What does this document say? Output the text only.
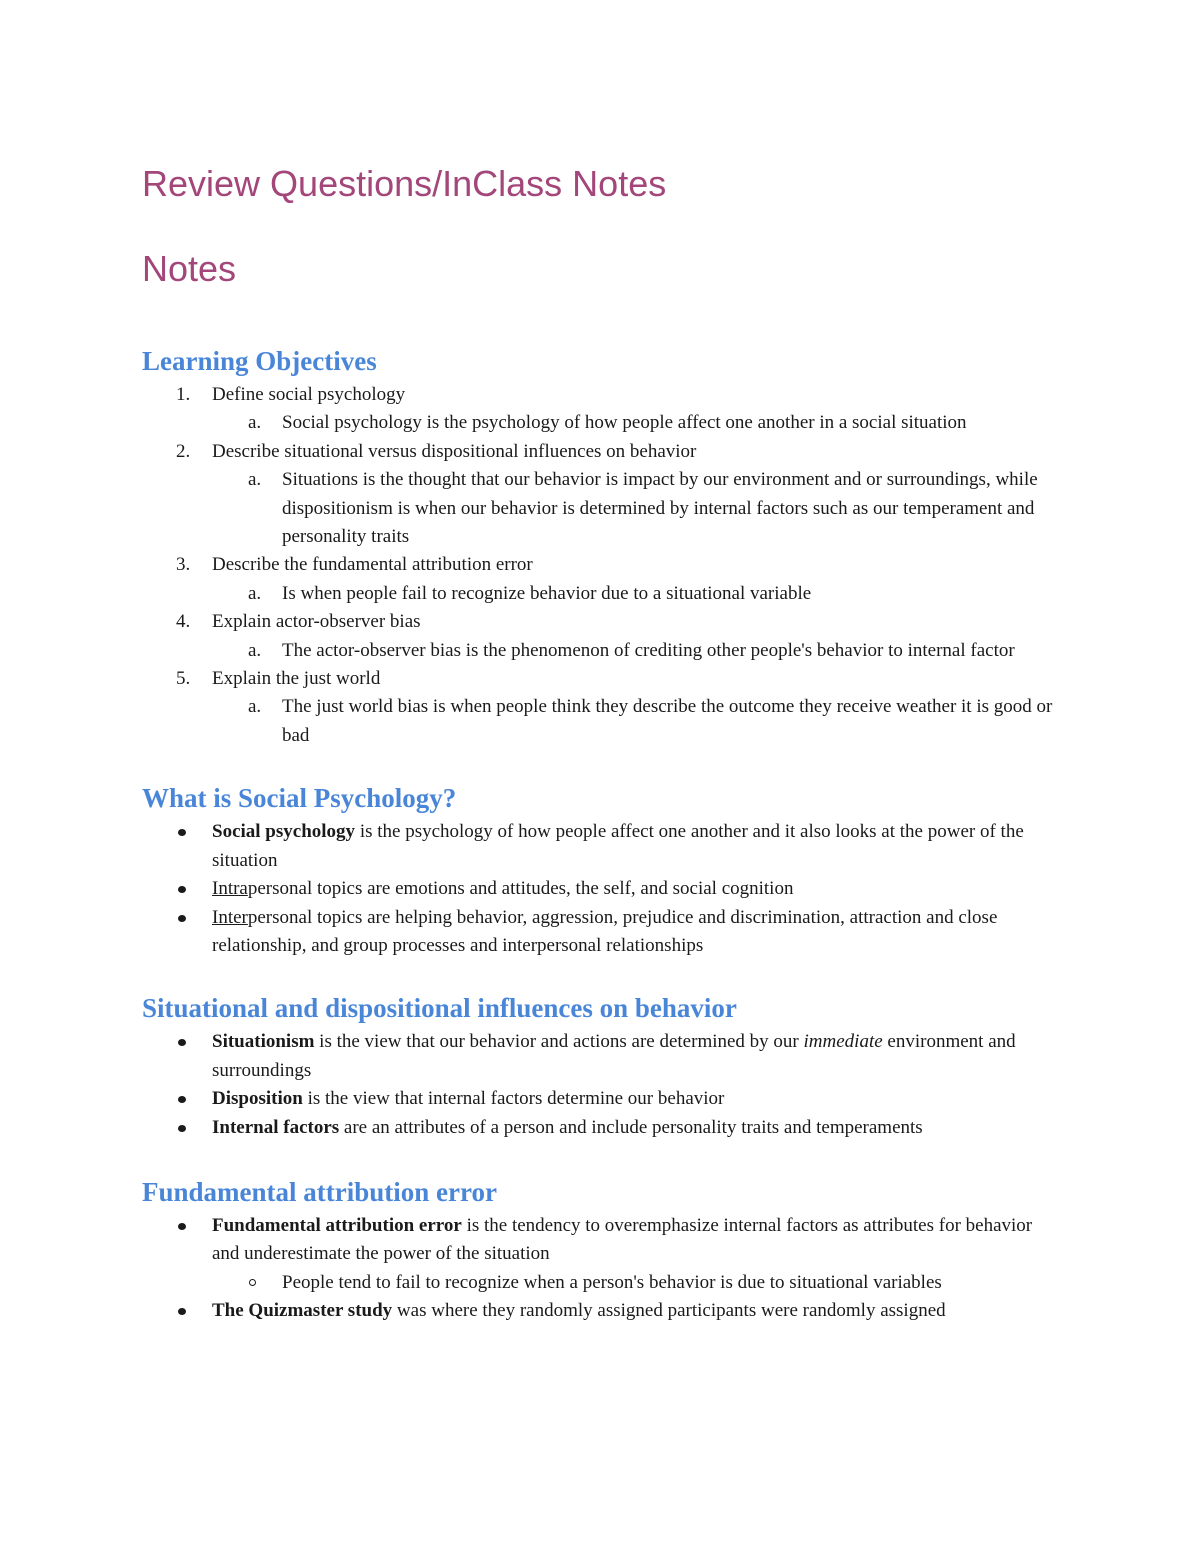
Review Questions/InClass Notes
Notes
Learning Objectives
1.	Define social psychology
a.	Social psychology is the psychology of how people affect one another in a social situation
2.	Describe situational versus dispositional influences on behavior
a.	Situations is the thought that our behavior is impact by our environment and or surroundings, while dispositionism is when our behavior is determined by internal factors such as our temperament and personality traits
3.	Describe the fundamental attribution error
a.	Is when people fail to recognize behavior due to a situational variable
4.	Explain actor-observer bias
a.	The actor-observer bias is the phenomenon of crediting other people's behavior to internal factor
5.	Explain the just world
a.	The just world bias is when people think they describe the outcome they receive weather it is good or bad
What is Social Psychology?
Social psychology is the psychology of how people affect one another and it also looks at the power of the situation
Intrapersonal topics are emotions and attitudes, the self, and social cognition
Interpersonal topics are helping behavior, aggression, prejudice and discrimination, attraction and close relationship, and group processes and interpersonal relationships
Situational and dispositional influences on behavior
Situationism is the view that our behavior and actions are determined by our immediate environment and surroundings
Disposition is the view that internal factors determine our behavior
Internal factors are an attributes of a person and include personality traits and temperaments
Fundamental attribution error
Fundamental attribution error is the tendency to overemphasize internal factors as attributes for behavior and underestimate the power of the situation
People tend to fail to recognize when a person's behavior is due to situational variables
The Quizmaster study was where they randomly assigned participants were randomly assigned
